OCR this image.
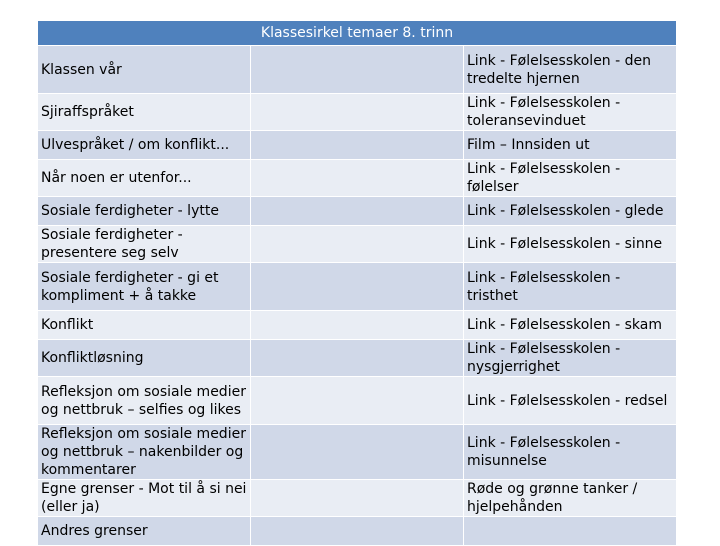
Klassesirkel temaer 8. trinn		
Klassen vår		Link - Følelsesskolen - den tredelte hjernen
Sjiraffspråket		Link - Følelsesskolen - toleransevinduet
Ulvespråket / om konflikt...		Film – Innsiden ut
Når noen er utenfor...		Link - Følelsesskolen - følelser
Sosiale ferdigheter - lytte		Link - Følelsesskolen - glede
Sosiale ferdigheter - presentere seg selv		Link - Følelsesskolen - sinne
Sosiale ferdigheter - gi et kompliment + å takke		Link - Følelsesskolen - tristhet
Konflikt		Link - Følelsesskolen - skam
Konfliktløsning		Link - Følelsesskolen - nysgjerrighet
Refleksjon om sosiale medier og nettbruk – selfies og likes		Link - Følelsesskolen - redsel
Refleksjon om sosiale medier og nettbruk – nakenbilder og kommentarer		Link - Følelsesskolen - misunnelse
Egne grenser - Mot til å si nei (eller ja)		Røde og grønne tanker / hjelpehånden
Andres grenser		
